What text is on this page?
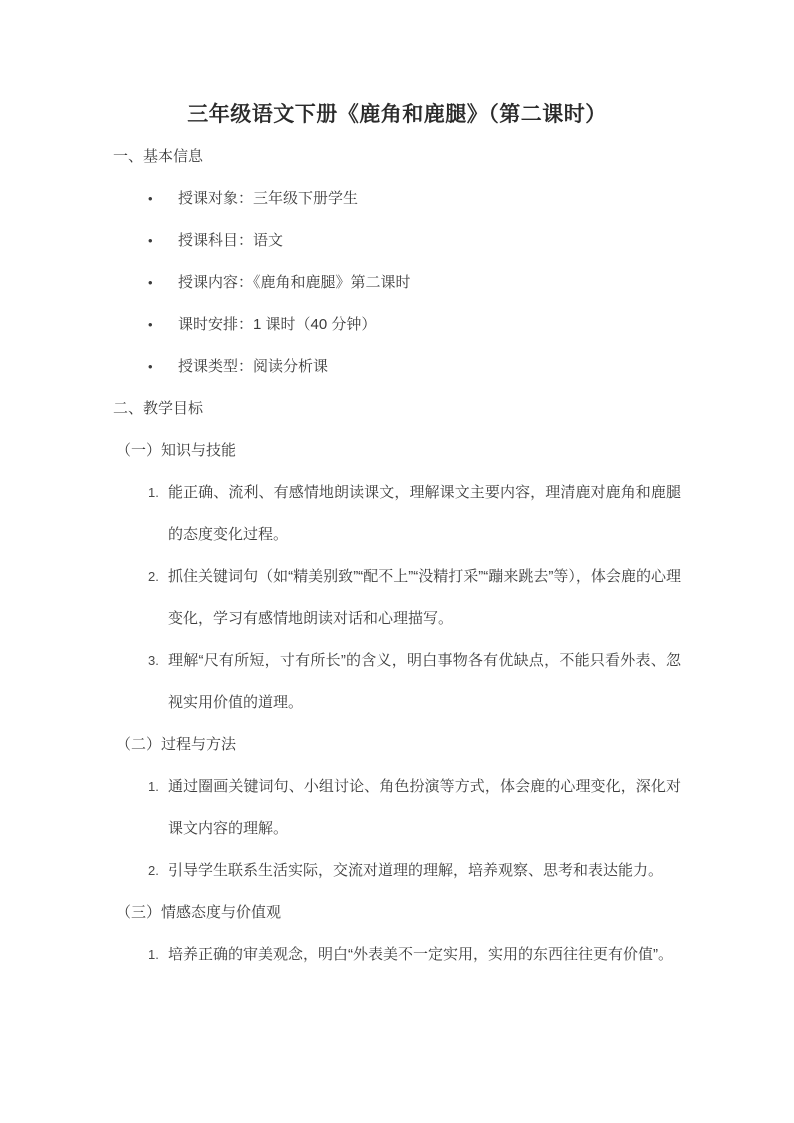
三年级语文下册《鹿角和鹿腿》（第二课时）
一、基本信息
•	授课对象：三年级下册学生
•	授课科目：语文
•	授课内容：《鹿角和鹿腿》第二课时
•	课时安排：1 课时（40 分钟）
•	授课类型：阅读分析课
二、教学目标
（一）知识与技能
1. 能正确、流利、有感情地朗读课文，理解课文主要内容，理清鹿对鹿角和鹿腿的态度变化过程。
2. 抓住关键词句（如“精美别致”“配不上”“没精打采”“蹦来跳去”等），体会鹿的心理变化，学习有感情地朗读对话和心理描写。
3. 理解“尺有所短，寸有所长”的含义，明白事物各有优缺点，不能只看外表、忽视实用价值的道理。
（二）过程与方法
1. 通过圈画关键词句、小组讨论、角色扮演等方式，体会鹿的心理变化，深化对课文内容的理解。
2. 引导学生联系生活实际，交流对道理的理解，培养观察、思考和表达能力。
（三）情感态度与价值观
1. 培养正确的审美观念，明白“外表美不一定实用，实用的东西往往更有价值”。
